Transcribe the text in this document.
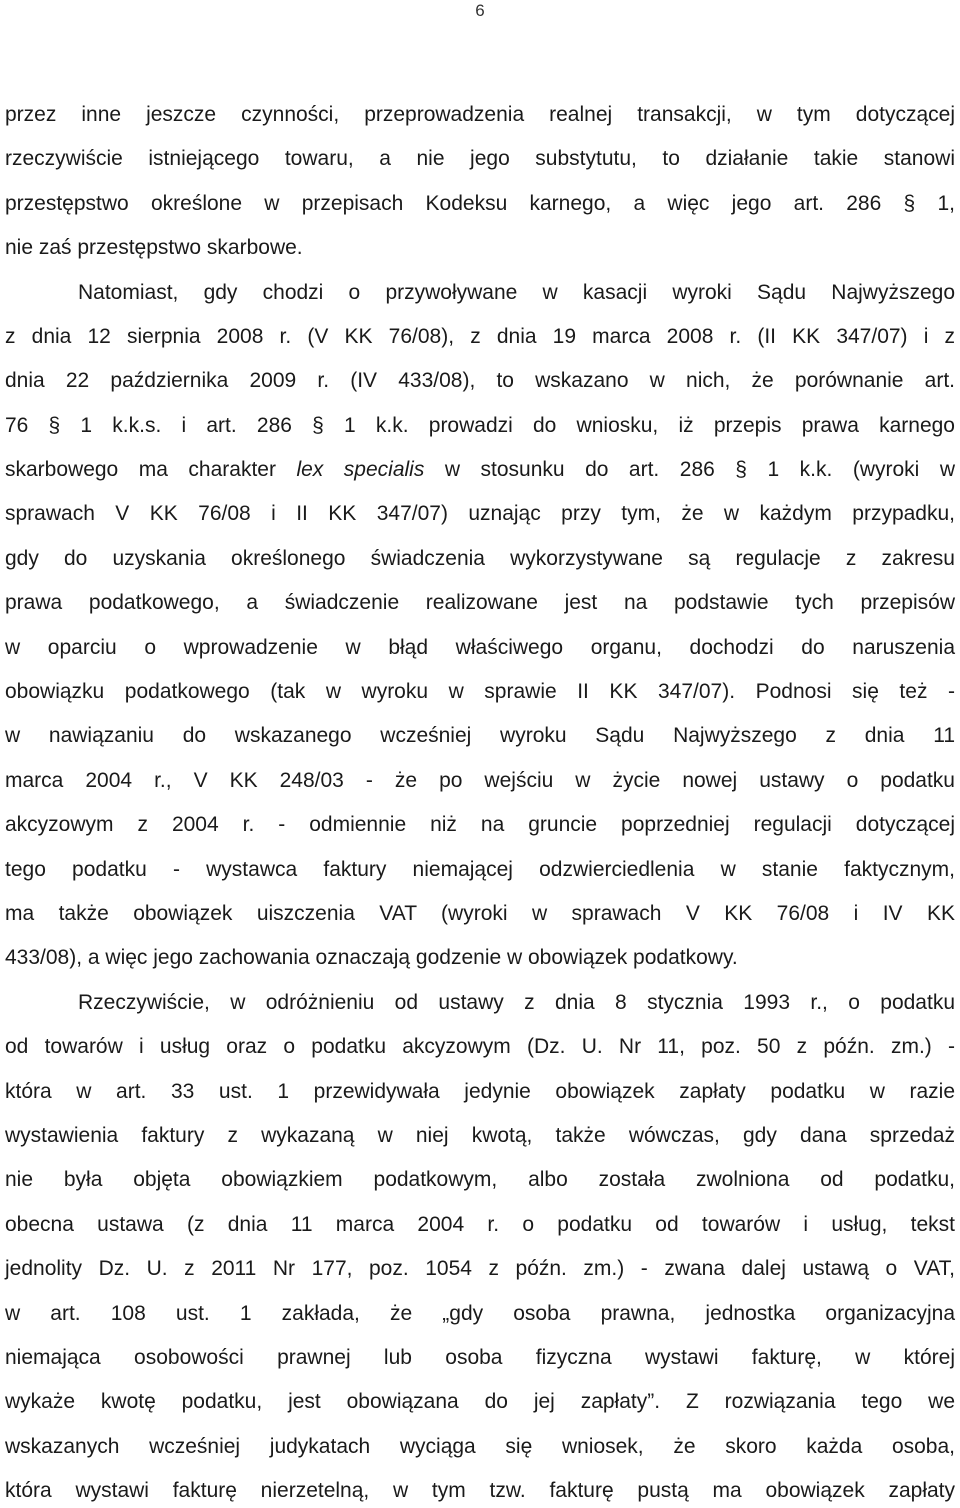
6
przez inne jeszcze czynności, przeprowadzenia realnej transakcji, w tym dotyczącej
rzeczywiście istniejącego towaru, a nie jego substytutu, to działanie takie stanowi
przestępstwo określone w przepisach Kodeksu karnego, a więc jego art. 286 § 1,
nie zaś przestępstwo skarbowe.
Natomiast, gdy chodzi o przywoływane w kasacji wyroki Sądu Najwyższego
z dnia 12 sierpnia 2008 r. (V KK 76/08), z dnia 19 marca 2008 r. (II KK 347/07) i z
dnia 22 października 2009 r. (IV 433/08), to wskazano w nich, że porównanie art.
76 § 1 k.k.s. i art. 286 § 1 k.k. prowadzi do wniosku, iż przepis prawa karnego
skarbowego ma charakter lex specialis w stosunku do art. 286 § 1 k.k. (wyroki w
sprawach V KK 76/08 i II KK 347/07) uznając przy tym, że w każdym przypadku,
gdy do uzyskania określonego świadczenia wykorzystywane są regulacje z zakresu
prawa podatkowego, a świadczenie realizowane jest na podstawie tych przepisów
w oparciu o wprowadzenie w błąd właściwego organu, dochodzi do naruszenia
obowiązku podatkowego (tak w wyroku w sprawie II KK 347/07). Podnosi się też -
w nawiązaniu do wskazanego wcześniej wyroku Sądu Najwyższego z dnia 11
marca 2004 r., V KK 248/03 - że po wejściu w życie nowej ustawy o podatku
akcyzowym z 2004 r. - odmiennie niż na gruncie poprzedniej regulacji dotyczącej
tego podatku - wystawca faktury niemającej odzwierciedlenia w stanie faktycznym,
ma także obowiązek uiszczenia VAT (wyroki w sprawach V KK 76/08 i IV KK
433/08), a więc jego zachowania oznaczają godzenie w obowiązek podatkowy.
Rzeczywiście, w odróżnieniu od ustawy z dnia 8 stycznia 1993 r., o podatku
od towarów i usług oraz o podatku akcyzowym (Dz. U. Nr 11, poz. 50 z późn. zm.) -
która w art. 33 ust. 1 przewidywała jedynie obowiązek zapłaty podatku w razie
wystawienia faktury z wykazaną w niej kwotą, także wówczas, gdy dana sprzedaż
nie była objęta obowiązkiem podatkowym, albo została zwolniona od podatku,
obecna ustawa (z dnia 11 marca 2004 r. o podatku od towarów i usług, tekst
jednolity Dz. U. z 2011 Nr 177, poz. 1054 z późn. zm.) - zwana dalej ustawą o VAT,
w art. 108 ust. 1 zakłada, że „gdy osoba prawna, jednostka organizacyjna
niemająca osobowości prawnej lub osoba fizyczna wystawi fakturę, w której
wykaże kwotę podatku, jest obowiązana do jej zapłaty”. Z rozwiązania tego we
wskazanych wcześniej judykatach wyciąga się wniosek, że skoro każda osoba,
która wystawi fakturę nierzetelną, w tym tzw. fakturę pustą ma obowiązek zapłaty
